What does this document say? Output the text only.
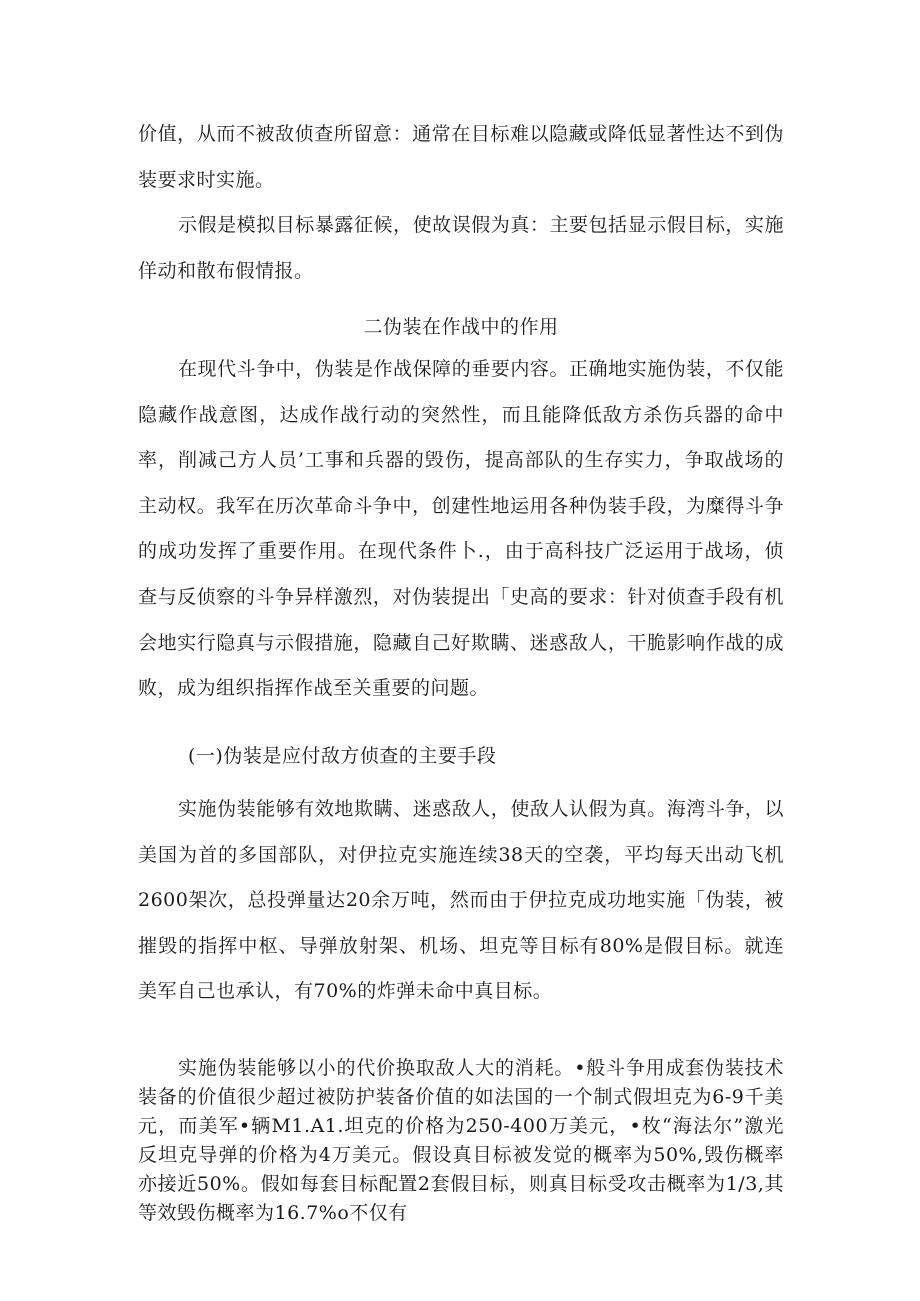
价值，从而不被敌侦查所留意：通常在目标难以隐藏或降低显著性达不到伪装要求时实施。

示假是模拟目标暴露征候，使故误假为真：主要包括显示假目标，实施佯动和散布假情报。

二伪装在作战中的作用

在现代斗争中，伪装是作战保障的垂要内容。正确地实施伪装，不仅能隐藏作战意图，达成作战行动的突然性，而且能降低敌方杀伤兵器的命中率，削减己方人员’工事和兵器的毁伤，提高部队的生存实力，争取战场的主动权。我军在历次革命斗争中，创建性地运用各种伪装手段，为糜得斗争的成功发挥了重要作用。在现代条件卜.，由于高科技广泛运用于战场，侦查与反侦察的斗争异样激烈，对伪装提出「史高的要求：针对侦查手段有机会地实行隐真与示假措施，隐藏自己好欺瞒、迷惑敌人，干脆影响作战的成败，成为组织指挥作战至关重要的问题。

(一)伪装是应付敌方侦查的主要手段

实施伪装能够有效地欺瞒、迷惑敌人，使敌人认假为真。海湾斗争，以美国为首的多国部队，对伊拉克实施连续38天的空袭，平均每天出动飞机2600架次，总投弹量达20余万吨，然而由于伊拉克成功地实施「伪装，被摧毁的指挥中枢、导弹放射架、机场、坦克等目标有80%是假目标。就连美军自己也承认，有70%的炸弹未命中真目标。

实施伪装能够以小的代价换取敌人大的消耗。•般斗争用成套伪装技术装备的价值很少超过被防护装备价值的如法国的一个制式假坦克为6-9千美元，而美军•辆M1.A1.坦克的价格为250-400万美元，•枚“海法尔”激光反坦克导弹的价格为4万美元。假设真目标被发觉的概率为50%,毁伤概率亦接近50%。假如每套目标配置2套假目标，则真目标受攻击概率为1/3,其等效毁伤概率为16.7%o不仅有
